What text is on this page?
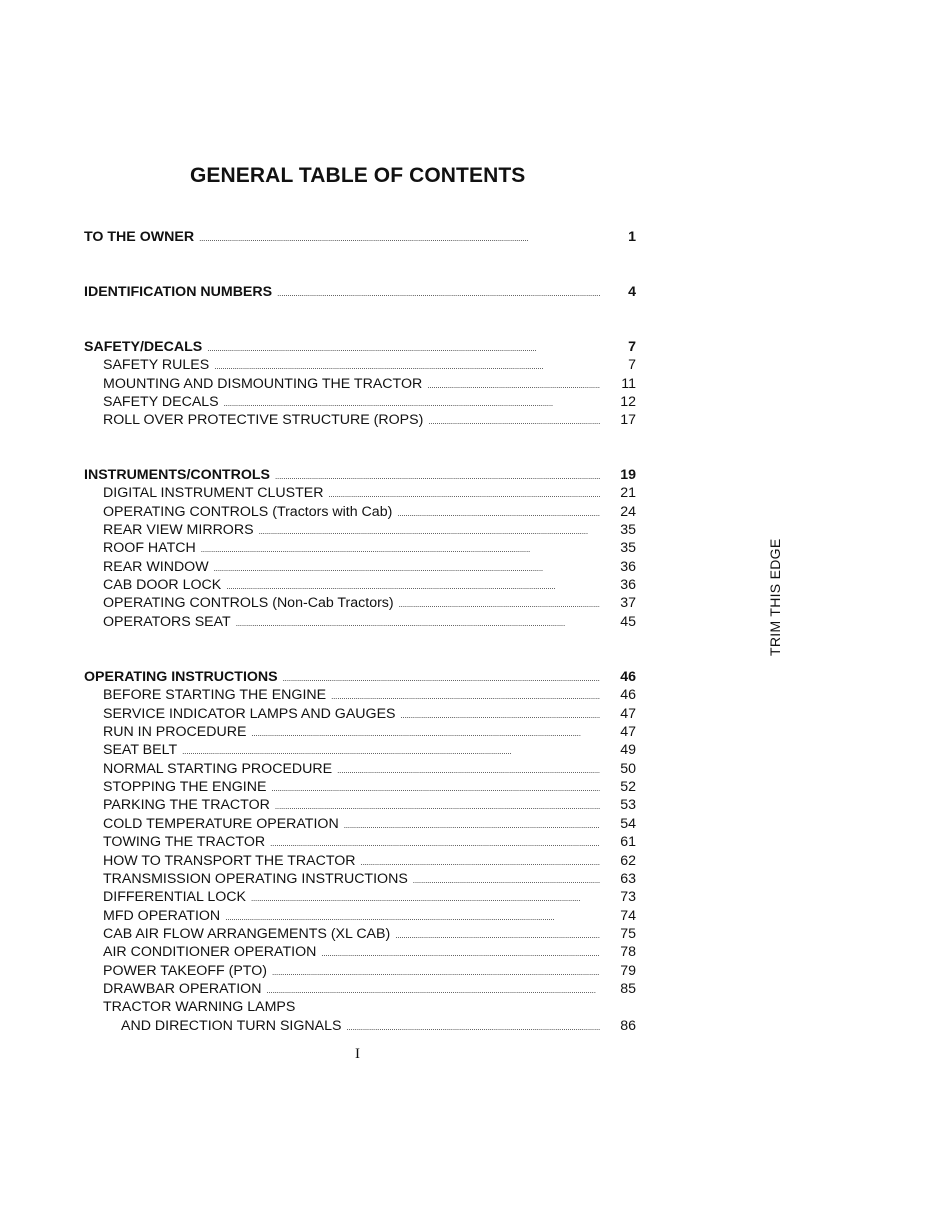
GENERAL TABLE OF CONTENTS
TO THE OWNER . . .	1
IDENTIFICATION NUMBERS . . .	4
SAFETY/DECALS . . .	7
SAFETY RULES . . .	7
MOUNTING AND DISMOUNTING THE TRACTOR . . .	11
SAFETY DECALS . . .	12
ROLL OVER PROTECTIVE STRUCTURE (ROPS) . . .	17
INSTRUMENTS/CONTROLS . . .	19
DIGITAL INSTRUMENT CLUSTER . . .	21
OPERATING CONTROLS (Tractors with Cab) . . .	24
REAR VIEW MIRRORS . . .	35
ROOF HATCH . . .	35
REAR WINDOW . . .	36
CAB DOOR LOCK . . .	36
OPERATING CONTROLS (Non-Cab Tractors) . . .	37
OPERATORS SEAT . . .	45
OPERATING INSTRUCTIONS . . .	46
BEFORE STARTING THE ENGINE . . .	46
SERVICE INDICATOR LAMPS AND GAUGES . . .	47
RUN IN PROCEDURE . . .	47
SEAT BELT . . .	49
NORMAL STARTING PROCEDURE . . .	50
STOPPING THE ENGINE . . .	52
PARKING THE TRACTOR . . .	53
COLD TEMPERATURE OPERATION . . .	54
TOWING THE TRACTOR . . .	61
HOW TO TRANSPORT THE TRACTOR . . .	62
TRANSMISSION OPERATING INSTRUCTIONS . . .	63
DIFFERENTIAL LOCK . . .	73
MFD OPERATION . . .	74
CAB AIR FLOW ARRANGEMENTS (XL CAB) . . .	75
AIR CONDITIONER OPERATION . . .	78
POWER TAKEOFF (PTO) . . .	79
DRAWBAR OPERATION . . .	85
TRACTOR WARNING LAMPS
AND DIRECTION TURN SIGNALS . . .	86
TRIM THIS EDGE
I
